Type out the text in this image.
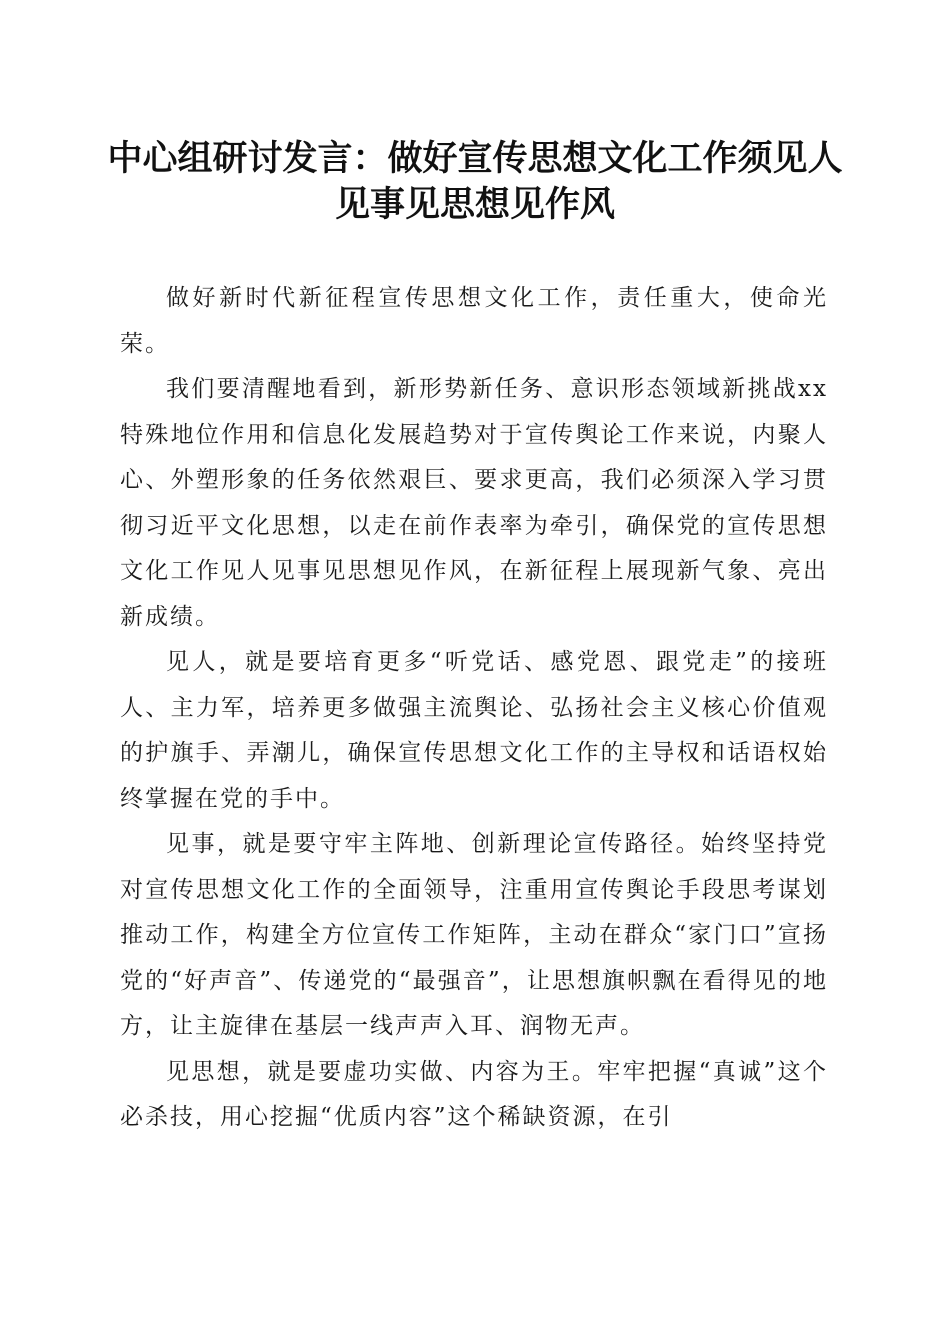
中心组研讨发言：做好宣传思想文化工作须见人见事见思想见作风

做好新时代新征程宣传思想文化工作，责任重大，使命光荣。

我们要清醒地看到，新形势新任务、意识形态领域新挑战xx特殊地位作用和信息化发展趋势对于宣传舆论工作来说，内聚人心、外塑形象的任务依然艰巨、要求更高，我们必须深入学习贯彻习近平文化思想，以走在前作表率为牵引，确保党的宣传思想文化工作见人见事见思想见作风，在新征程上展现新气象、亮出新成绩。

见人，就是要培育更多“听党话、感党恩、跟党走”的接班人、主力军，培养更多做强主流舆论、弘扬社会主义核心价值观的护旗手、弄潮儿，确保宣传思想文化工作的主导权和话语权始终掌握在党的手中。

见事，就是要守牢主阵地、创新理论宣传路径。始终坚持党对宣传思想文化工作的全面领导，注重用宣传舆论手段思考谋划推动工作，构建全方位宣传工作矩阵，主动在群众“家门口”宣扬党的“好声音”、传递党的“最强音”，让思想旗帜飘在看得见的地方，让主旋律在基层一线声声入耳、润物无声。

见思想，就是要虚功实做、内容为王。牢牢把握“真诚”这个必杀技，用心挖掘“优质内容”这个稀缺资源，在引
